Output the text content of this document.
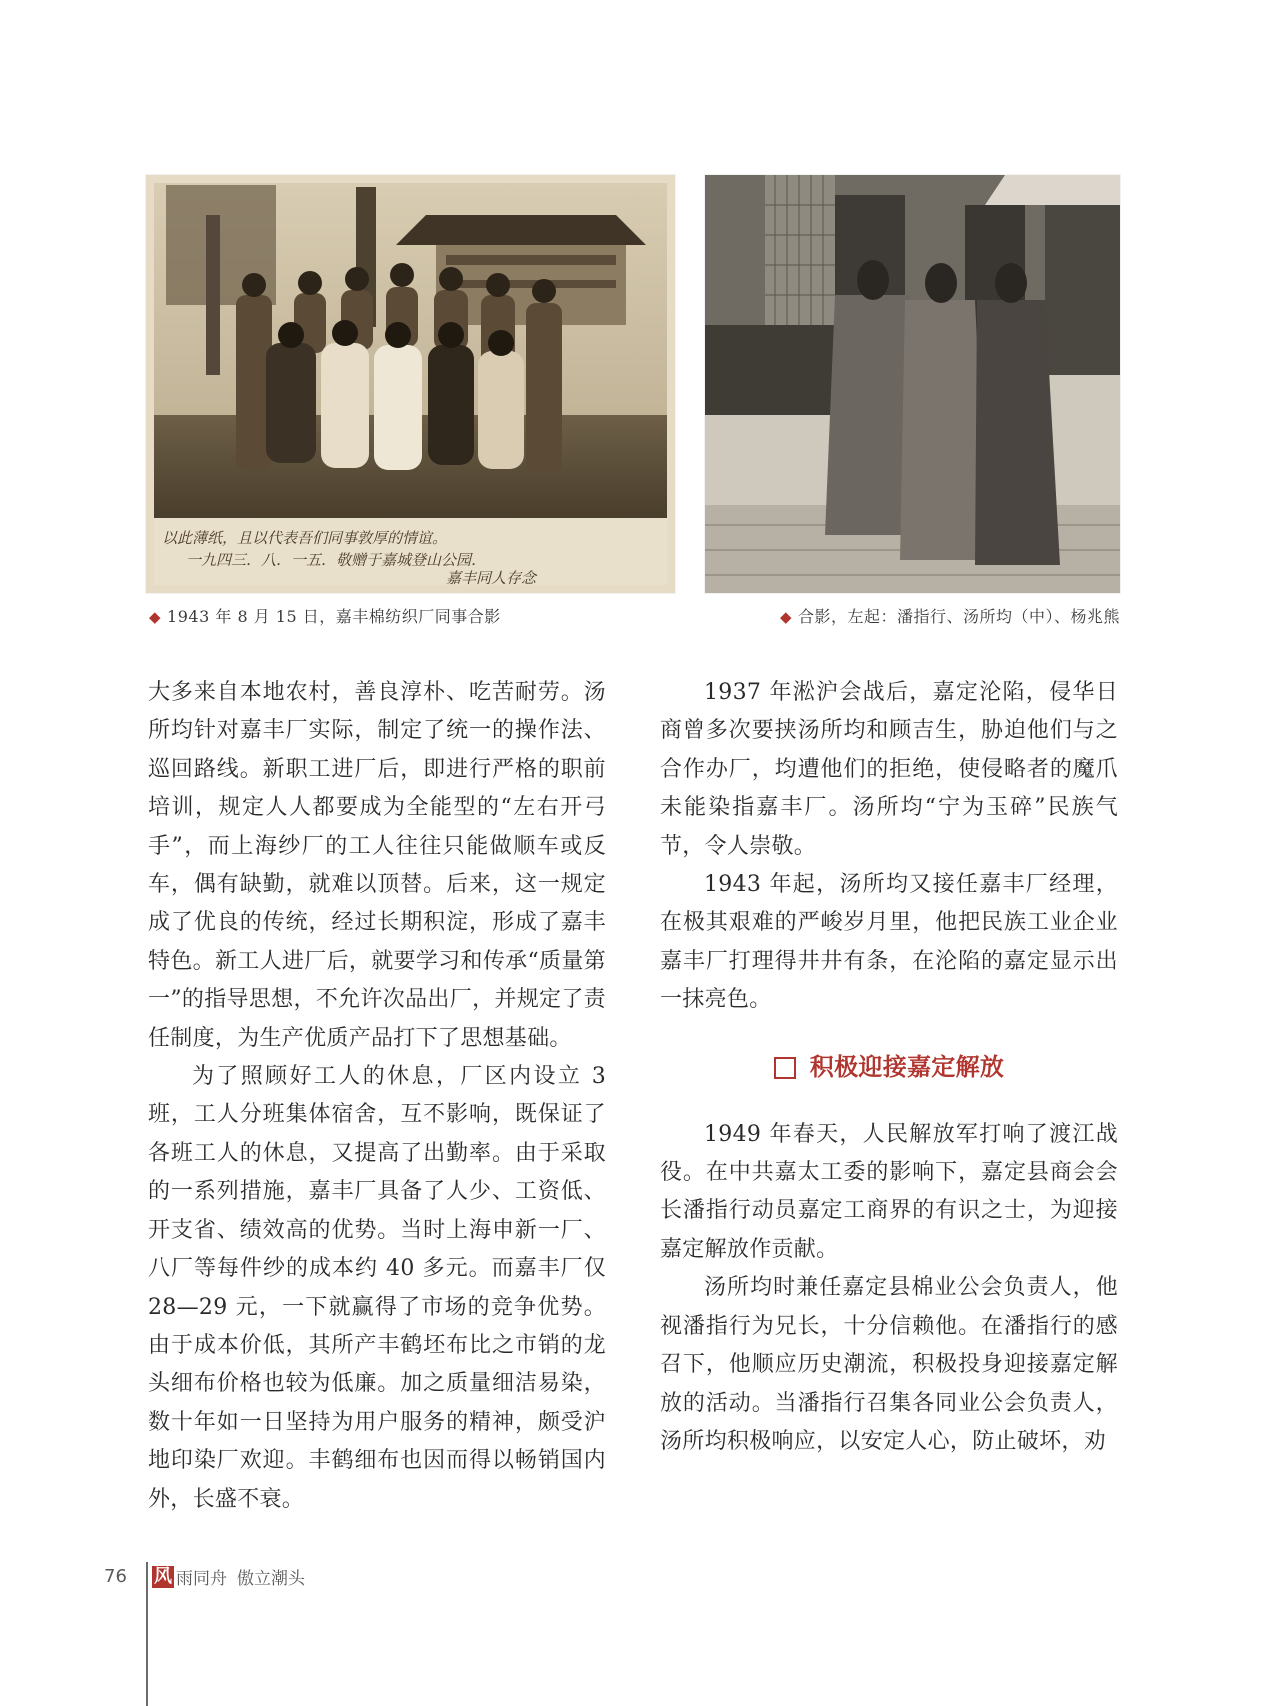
以此薄纸，且以代表吾们同事敦厚的情谊。
一九四三．八．一五．敬赠于嘉城登山公园．
嘉丰同人存念
◆ 1943 年 8 月 15 日，嘉丰棉纺织厂同事合影	◆ 合影，左起：潘指行、汤所均（中）、杨兆熊

大多来自本地农村，善良淳朴、吃苦耐劳。汤所均针对嘉丰厂实际，制定了统一的操作法、巡回路线。新职工进厂后，即进行严格的职前培训，规定人人都要成为全能型的“左右开弓手”，而上海纱厂的工人往往只能做顺车或反车，偶有缺勤，就难以顶替。后来，这一规定成了优良的传统，经过长期积淀，形成了嘉丰特色。新工人进厂后，就要学习和传承“质量第一”的指导思想，不允许次品出厂，并规定了责任制度，为生产优质产品打下了思想基础。

为了照顾好工人的休息，厂区内设立 3 班，工人分班集体宿舍，互不影响，既保证了各班工人的休息，又提高了出勤率。由于采取的一系列措施，嘉丰厂具备了人少、工资低、开支省、绩效高的优势。当时上海申新一厂、八厂等每件纱的成本约 40 多元。而嘉丰厂仅 28—29 元，一下就赢得了市场的竞争优势。由于成本价低，其所产丰鹤坯布比之市销的龙头细布价格也较为低廉。加之质量细洁易染，数十年如一日坚持为用户服务的精神，颇受沪地印染厂欢迎。丰鹤细布也因而得以畅销国内外，长盛不衰。

1937 年淞沪会战后，嘉定沦陷，侵华日商曾多次要挟汤所均和顾吉生，胁迫他们与之合作办厂，均遭他们的拒绝，使侵略者的魔爪未能染指嘉丰厂。汤所均“宁为玉碎”民族气节，令人崇敬。

1943 年起，汤所均又接任嘉丰厂经理，在极其艰难的严峻岁月里，他把民族工业企业嘉丰厂打理得井井有条，在沦陷的嘉定显示出一抹亮色。

积极迎接嘉定解放

1949 年春天，人民解放军打响了渡江战役。在中共嘉太工委的影响下，嘉定县商会会长潘指行动员嘉定工商界的有识之士，为迎接嘉定解放作贡献。

汤所均时兼任嘉定县棉业公会负责人，他视潘指行为兄长，十分信赖他。在潘指行的感召下，他顺应历史潮流，积极投身迎接嘉定解放的活动。当潘指行召集各同业公会负责人，汤所均积极响应，以安定人心，防止破坏，劝

76 风 雨同舟 傲立潮头
